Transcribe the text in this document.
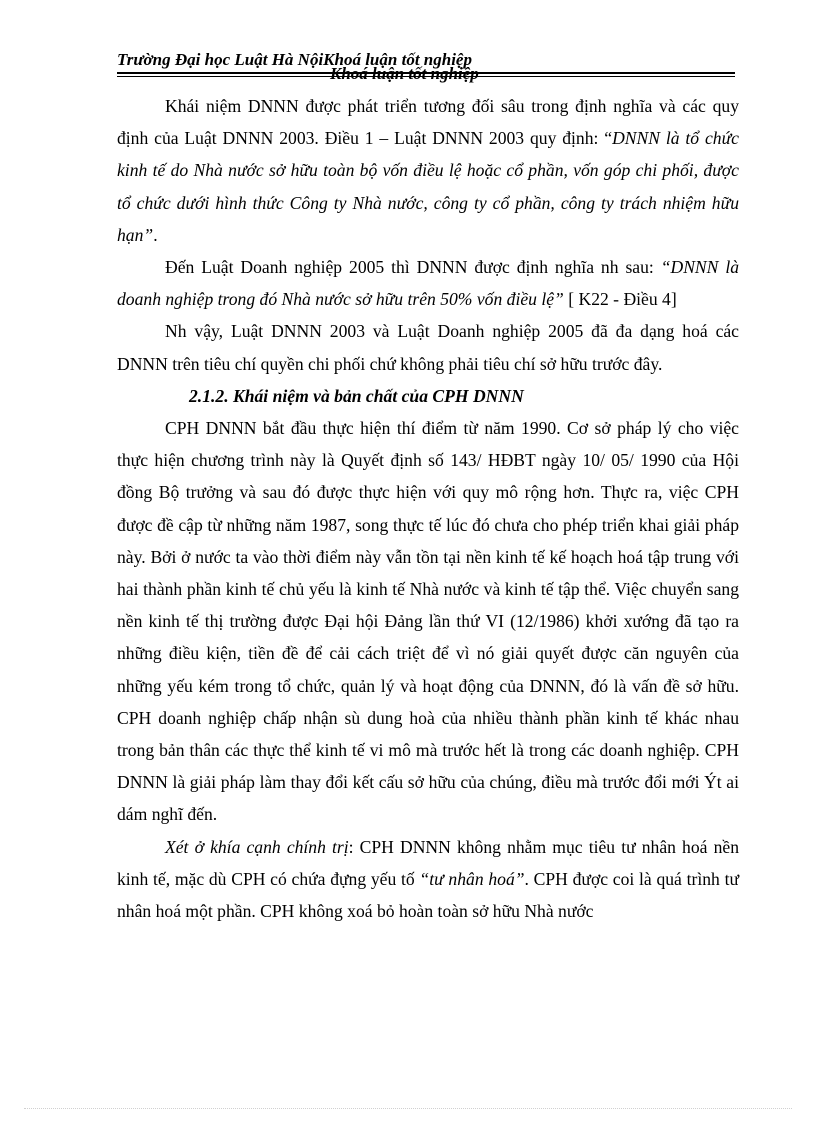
Trường Đại học Luật Hà NộiKhoá luận tốt nghiệp

Khái niệm DNNN được phát triển tương đối sâu trong định nghĩa và các quy định của Luật DNNN 2003. Điều 1 – Luật DNNN 2003 quy định: “DNNN là tổ chức kinh tế do Nhà nước sở hữu toàn bộ vốn điều lệ hoặc cổ phần, vốn góp chi phối, được tổ chức dưới hình thức Công ty Nhà nước, công ty cổ phần, công ty trách nhiệm hữu hạn”.

Đến Luật Doanh nghiệp 2005 thì DNNN được định nghĩa nh sau: “DNNN là doanh nghiệp trong đó Nhà nước sở hữu trên 50% vốn điều lệ” [ K22 - Điều 4]

Nh vậy, Luật DNNN 2003 và Luật Doanh nghiệp 2005 đã đa dạng hoá các DNNN trên tiêu chí quyền chi phối chứ không phải tiêu chí sở hữu trước đây.

2.1.2. Khái niệm và bản chất của CPH DNNN

CPH DNNN bắt đầu thực hiện thí điểm từ năm 1990. Cơ sở pháp lý cho việc thực hiện chương trình này là Quyết định số 143/ HĐBT ngày 10/ 05/ 1990 của Hội đồng Bộ trưởng và sau đó được thực hiện với quy mô rộng hơn. Thực ra, việc CPH được đề cập từ những năm 1987, song thực tế lúc đó chưa cho phép triển khai giải pháp này. Bởi ở nước ta vào thời điểm này vẫn tồn tại nền kinh tế kế hoạch hoá tập trung với hai thành phần kinh tế chủ yếu là kinh tế Nhà nước và kinh tế tập thể. Việc chuyển sang nền kinh tế thị trường được Đại hội Đảng lần thứ VI (12/1986) khởi xướng đã tạo ra những điều kiện, tiền đề để cải cách triệt để vì nó giải quyết được căn nguyên của những yếu kém trong tổ chức, quản lý và hoạt động của DNNN, đó là vấn đề sở hữu. CPH doanh nghiệp chấp nhận sù dung hoà của nhiều thành phần kinh tế khác nhau trong bản thân các thực thể kinh tế vi mô mà trước hết là trong các doanh nghiệp. CPH DNNN là giải pháp làm thay đổi kết cấu sở hữu của chúng, điều mà trước đổi mới Ýt ai dám nghĩ đến.

Xét ở khía cạnh chính trị: CPH DNNN không nhằm mục tiêu tư nhân hoá nền kinh tế, mặc dù CPH có chứa đựng yếu tố “tư nhân hoá”. CPH được coi là quá trình tư nhân hoá một phần. CPH không xoá bỏ hoàn toàn sở hữu Nhà nước
